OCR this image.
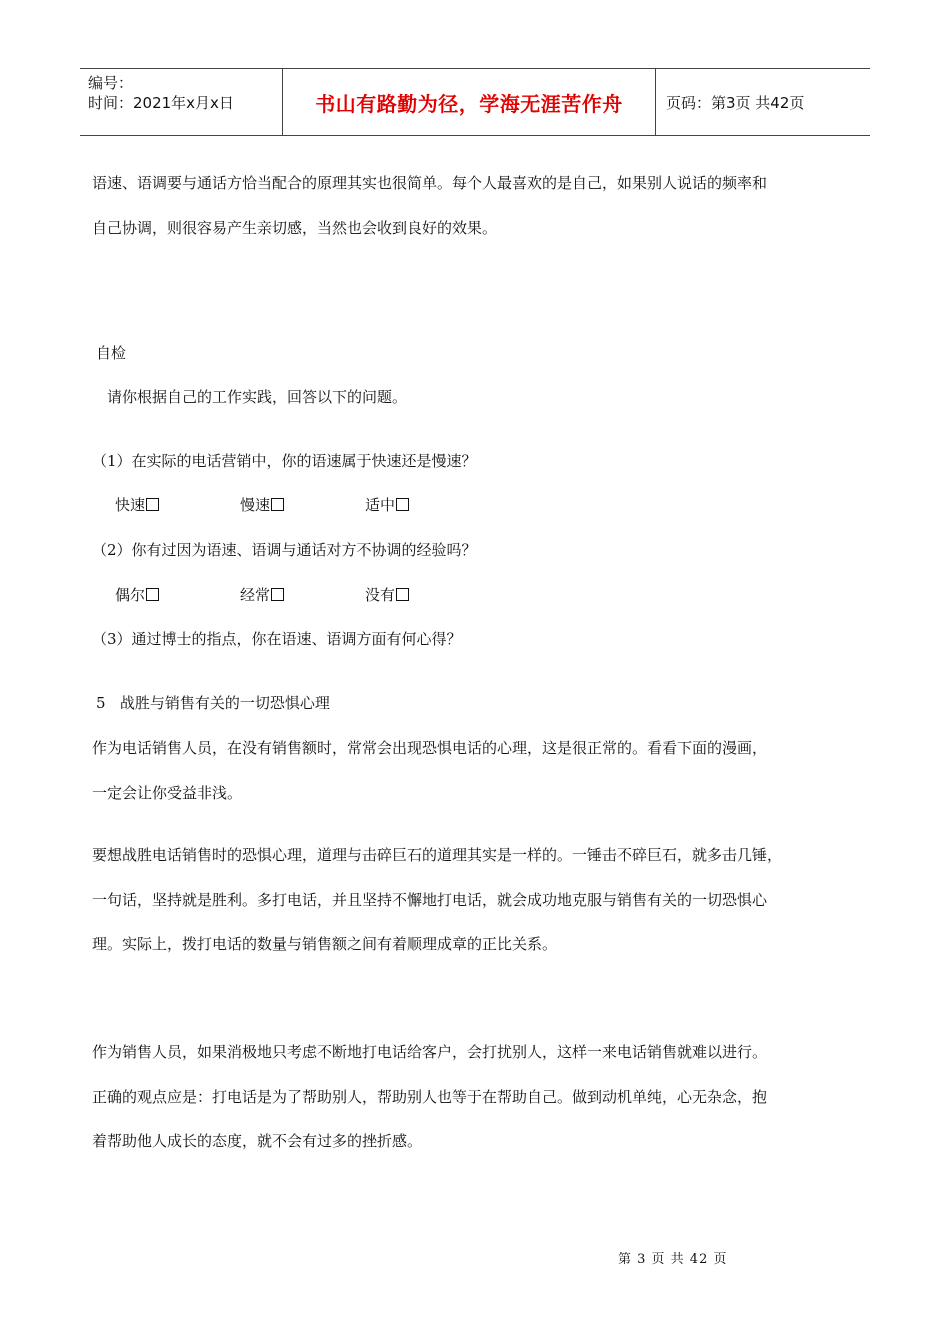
编号：
时间：2021年x月x日	书山有路勤为径，学海无涯苦作舟	页码：第3页 共42页
语速、语调要与通话方恰当配合的原理其实也很简单。每个人最喜欢的是自己，如果别人说话的频率和
自己协调，则很容易产生亲切感，当然也会收到良好的效果。
自检
请你根据自己的工作实践，回答以下的问题。
（1）在实际的电话营销中，你的语速属于快速还是慢速？
快速	慢速	适中
（2）你有过因为语速、语调与通话对方不协调的经验吗？
偶尔	经常	没有
（3）通过博士的指点，你在语速、语调方面有何心得？
5   战胜与销售有关的一切恐惧心理
作为电话销售人员，在没有销售额时，常常会出现恐惧电话的心理，这是很正常的。看看下面的漫画，
一定会让你受益非浅。
要想战胜电话销售时的恐惧心理，道理与击碎巨石的道理其实是一样的。一锤击不碎巨石，就多击几锤，
一句话，坚持就是胜利。多打电话，并且坚持不懈地打电话，就会成功地克服与销售有关的一切恐惧心
理。实际上，拨打电话的数量与销售额之间有着顺理成章的正比关系。
作为销售人员，如果消极地只考虑不断地打电话给客户，会打扰别人，这样一来电话销售就难以进行。
正确的观点应是：打电话是为了帮助别人，帮助别人也等于在帮助自己。做到动机单纯，心无杂念，抱
着帮助他人成长的态度，就不会有过多的挫折感。
第 3 页 共 42 页
